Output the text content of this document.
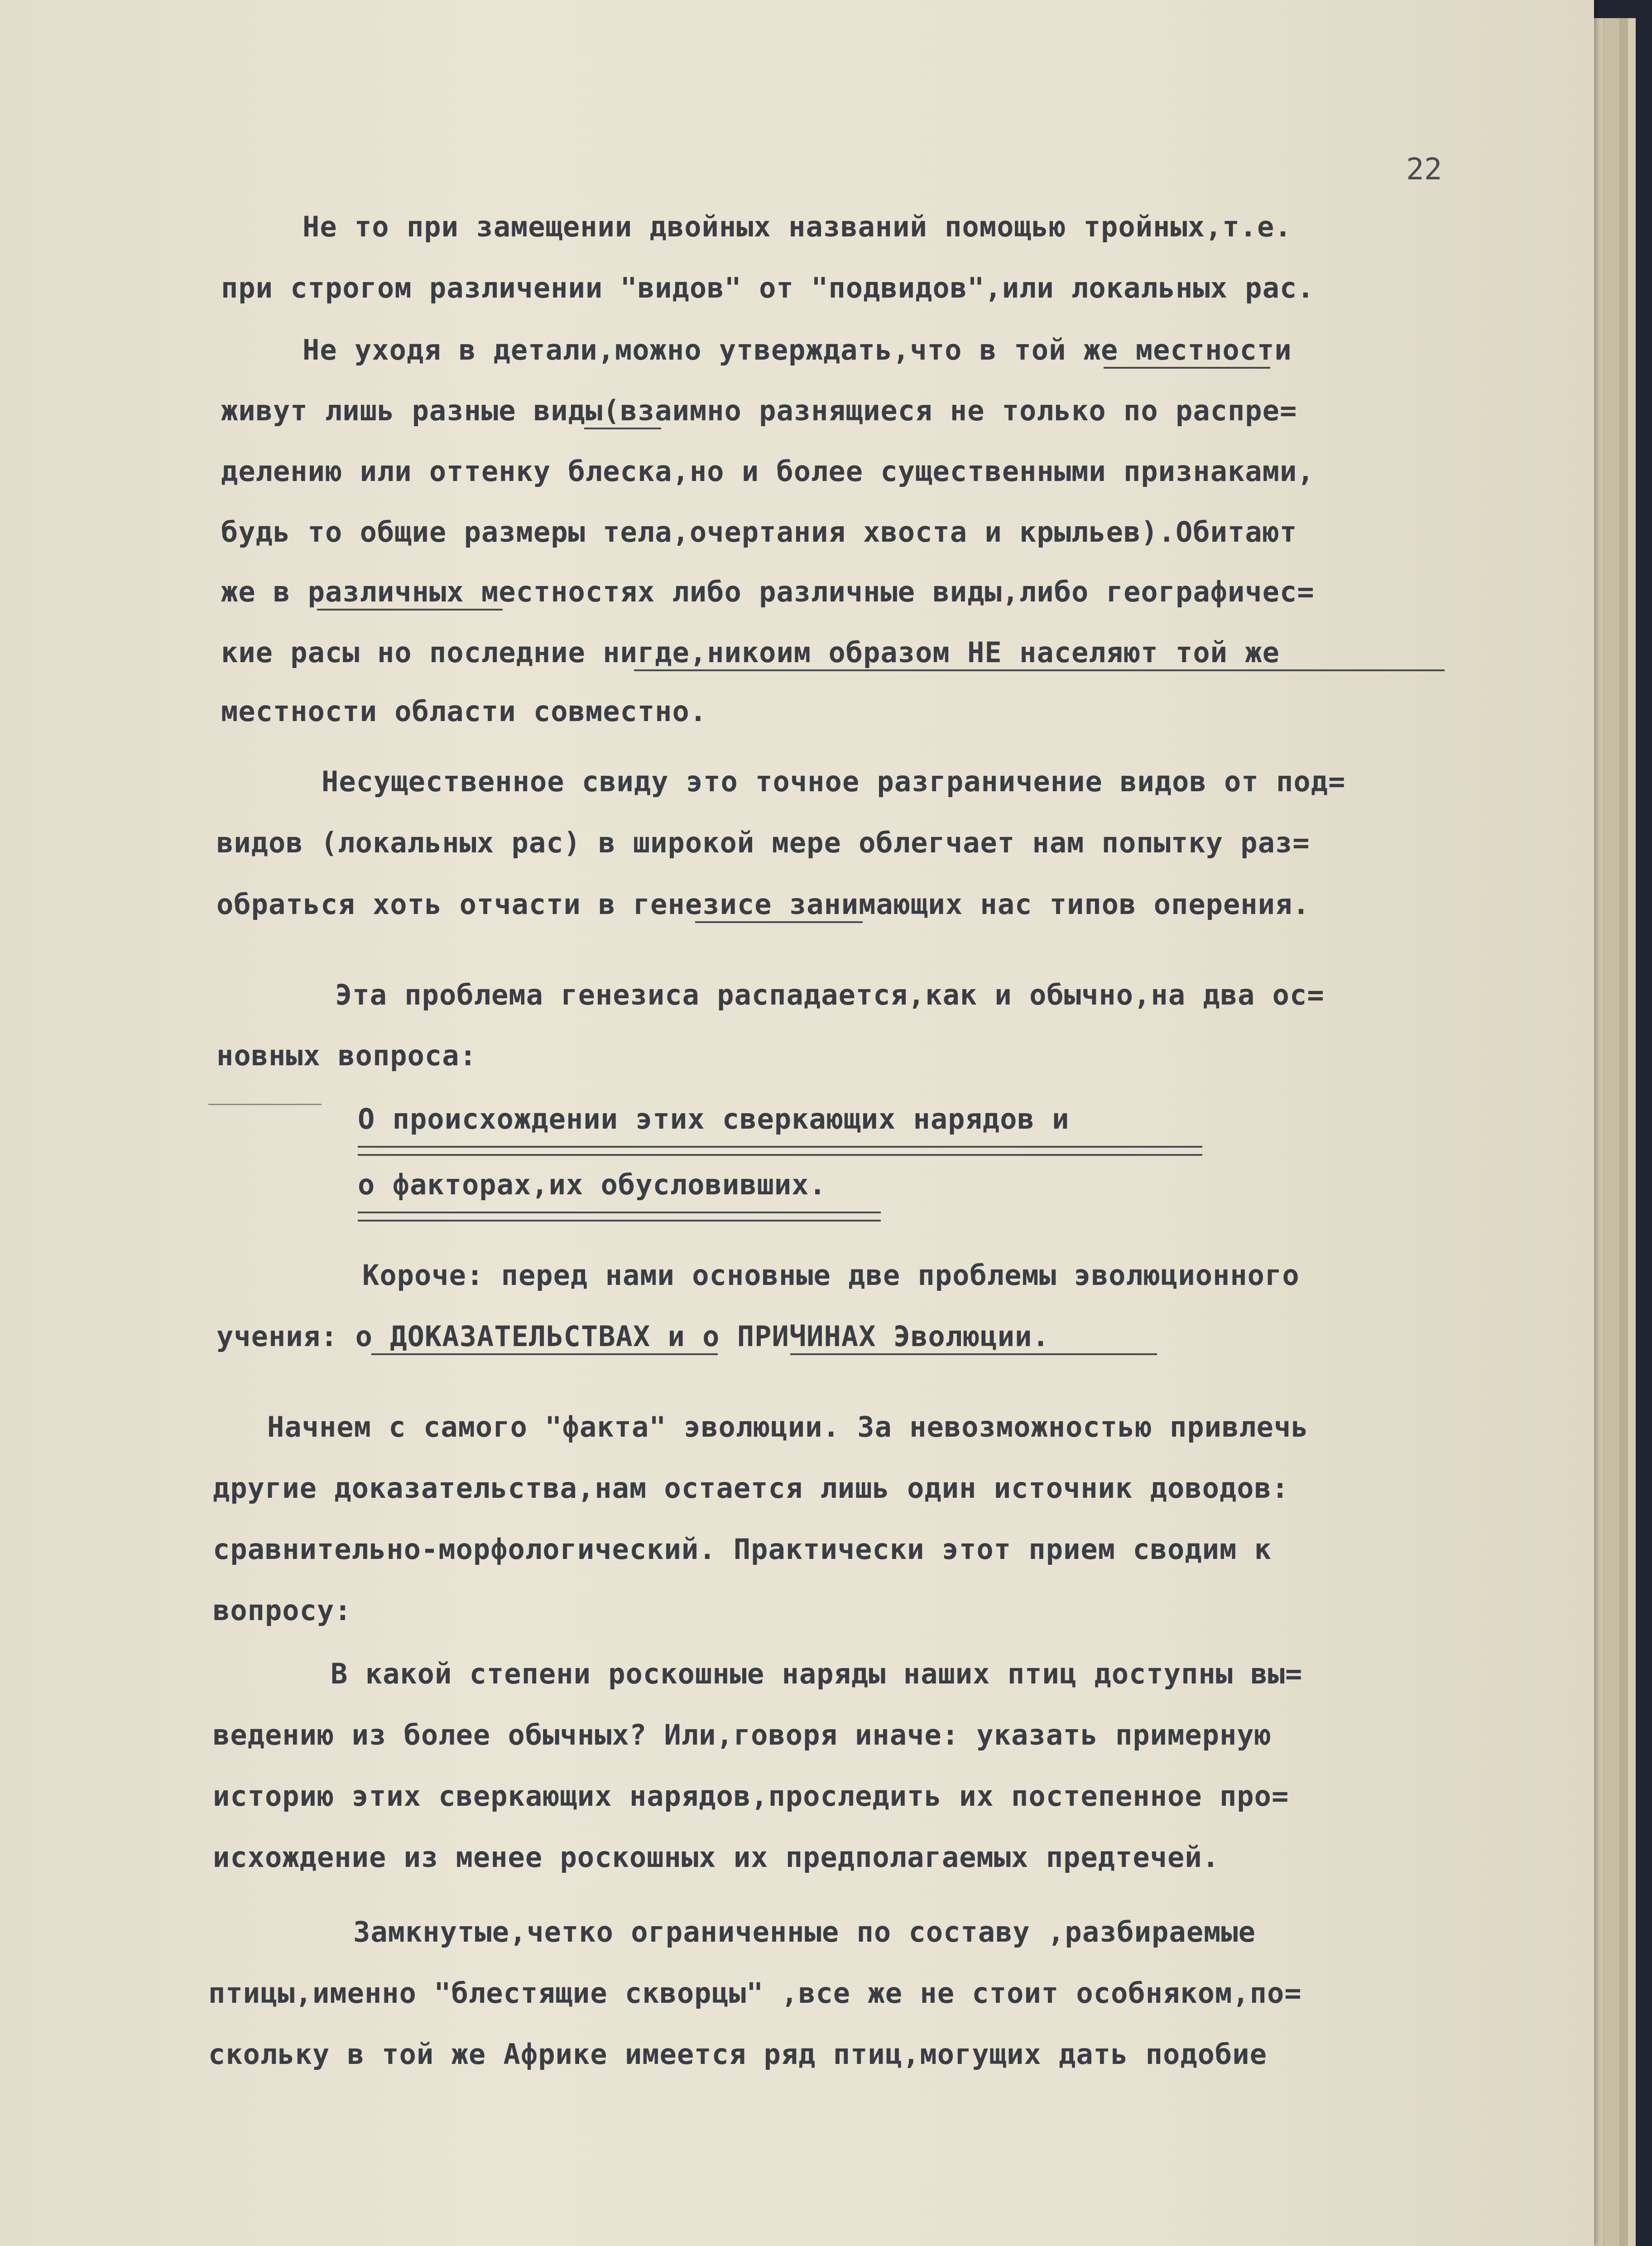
22
Не то при замещении двойных названий помощью тройных,т.е.
при строгом различении "видов" от "подвидов",или локальных рас.
Не уходя в детали,можно утверждать,что в той же местности
живут лишь разные виды(взаимно разнящиеся не только по распре=
делению или оттенку блеска,но и более существенными признаками,
будь то общие размеры тела,очертания хвоста и крыльев).Обитают
же в различных местностях либо различные виды,либо географичес=
кие расы но последние нигде,никоим образом НЕ населяют той же
местности области совместно.
Несущественное свиду это точное разграничение видов от под=
видов (локальных рас) в широкой мере облегчает нам попытку раз=
обраться хоть отчасти в генезисе занимающих нас типов оперения.
Эта проблема генезиса распадается,как и обычно,на два ос=
новных вопроса:
О происхождении этих сверкающих нарядов и
о факторах,их обусловивших.
Короче: перед нами основные две проблемы эволюционного
учения: о ДОКАЗАТЕЛЬСТВАХ и о ПРИЧИНАХ Эволюции.
Начнем с самого "факта" эволюции. За невозможностью привлечь
другие доказательства,нам остается лишь один источник доводов:
сравнительно-морфологический. Практически этот прием сводим к
вопросу:
В какой степени роскошные наряды наших птиц доступны вы=
ведению из более обычных? Или,говоря иначе: указать примерную
историю этих сверкающих нарядов,проследить их постепенное про=
исхождение из менее роскошных их предполагаемых предтечей.
Замкнутые,четко ограниченные по составу ,разбираемые
птицы,именно "блестящие скворцы" ,все же не стоит особняком,по=
скольку в той же Африке имеется ряд птиц,могущих дать подобие
